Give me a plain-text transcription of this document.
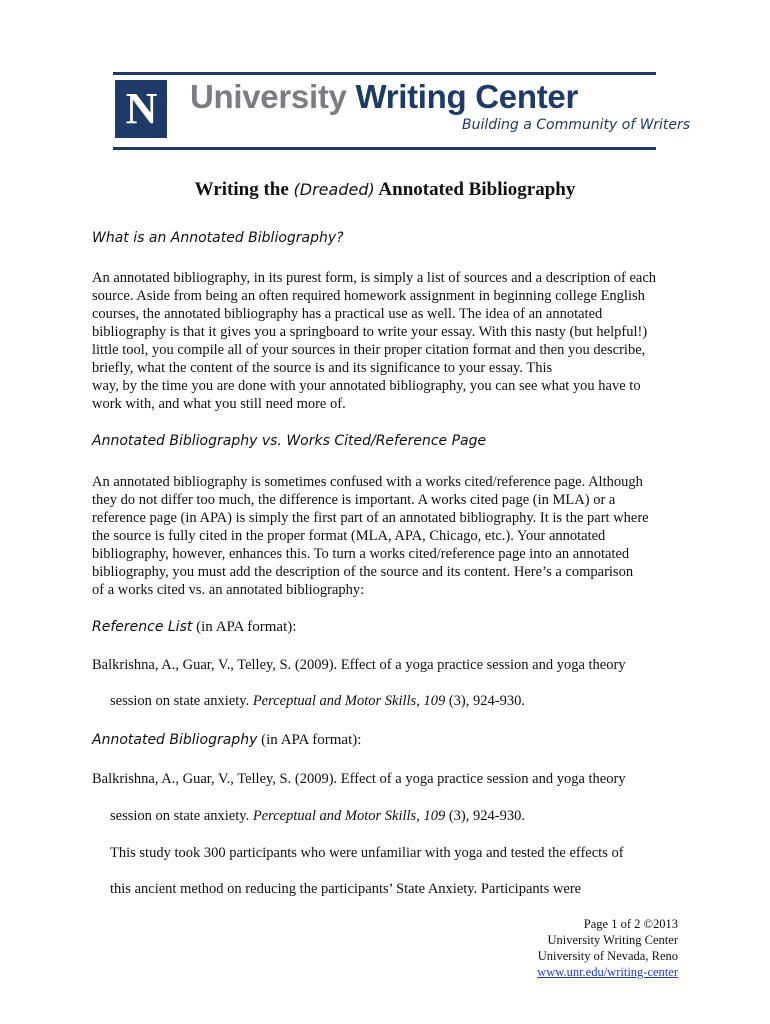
N University Writing Center
Building a Community of Writers
Writing the (Dreaded) Annotated Bibliography
What is an Annotated Bibliography?

An annotated bibliography, in its purest form, is simply a list of sources and a description of each
source. Aside from being an often required homework assignment in beginning college English
courses, the annotated bibliography has a practical use as well. The idea of an annotated
bibliography is that it gives you a springboard to write your essay. With this nasty (but helpful!)
little tool, you compile all of your sources in their proper citation format and then you describe,
briefly, what the content of the source is and its significance to your essay. This
way, by the time you are done with your annotated bibliography, you can see what you have to
work with, and what you still need more of.

Annotated Bibliography vs. Works Cited/Reference Page

An annotated bibliography is sometimes confused with a works cited/reference page. Although
they do not differ too much, the difference is important. A works cited page (in MLA) or a
reference page (in APA) is simply the first part of an annotated bibliography. It is the part where
the source is fully cited in the proper format (MLA, APA, Chicago, etc.). Your annotated
bibliography, however, enhances this. To turn a works cited/reference page into an annotated
bibliography, you must add the description of the source and its content. Here’s a comparison
of a works cited vs. an annotated bibliography:

Reference List (in APA format):

Balkrishna, A., Guar, V., Telley, S. (2009). Effect of a yoga practice session and yoga theory

session on state anxiety. Perceptual and Motor Skills, 109 (3), 924-930.

Annotated Bibliography (in APA format):

Balkrishna, A., Guar, V., Telley, S. (2009). Effect of a yoga practice session and yoga theory

session on state anxiety. Perceptual and Motor Skills, 109 (3), 924-930.

This study took 300 participants who were unfamiliar with yoga and tested the effects of

this ancient method on reducing the participants’ State Anxiety. Participants were

Page 1 of 2 ©2013
University Writing Center
University of Nevada, Reno
www.unr.edu/writing-center
